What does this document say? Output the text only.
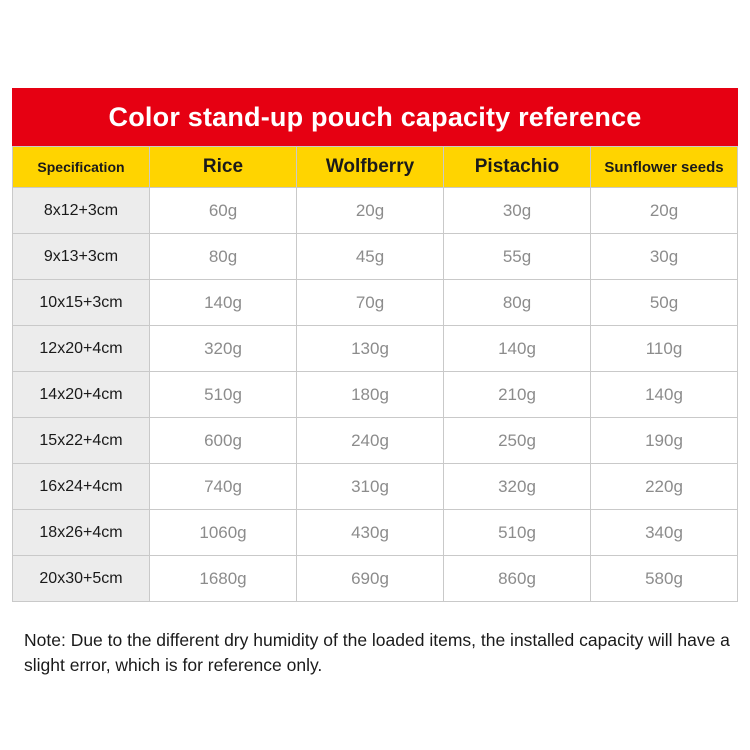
Color stand-up pouch capacity reference
Specification	Rice	Wolfberry	Pistachio	Sunflower seeds
8x12+3cm	60g	20g	30g	20g
9x13+3cm	80g	45g	55g	30g
10x15+3cm	140g	70g	80g	50g
12x20+4cm	320g	130g	140g	110g
14x20+4cm	510g	180g	210g	140g
15x22+4cm	600g	240g	250g	190g
16x24+4cm	740g	310g	320g	220g
18x26+4cm	1060g	430g	510g	340g
20x30+5cm	1680g	690g	860g	580g
Note: Due to the different dry humidity of the loaded items, the installed capacity will have a slight error, which is for reference only.
